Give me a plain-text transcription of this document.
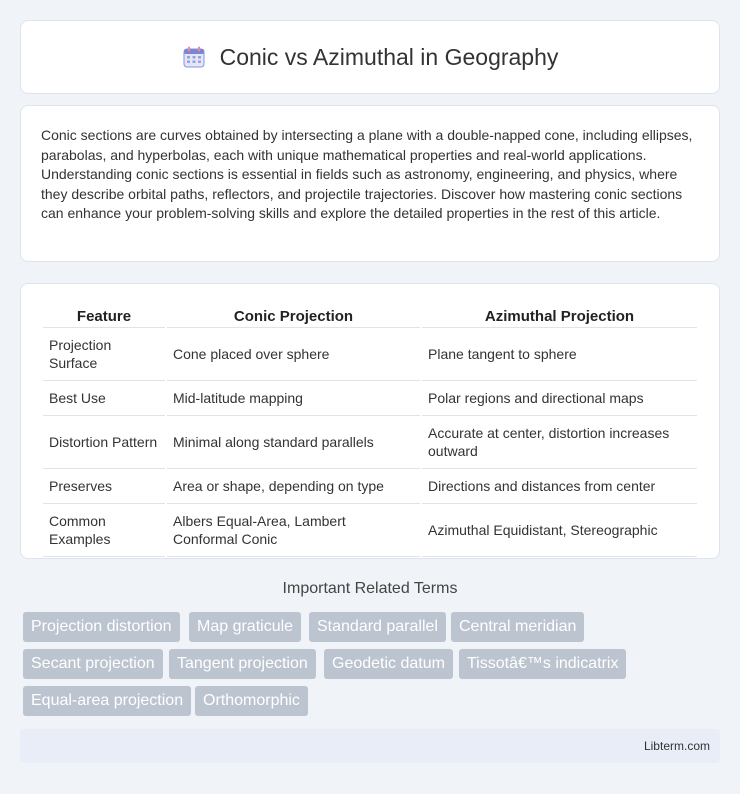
Conic vs Azimuthal in Geography

Conic sections are curves obtained by intersecting a plane with a double-napped cone, including ellipses, parabolas, and hyperbolas, each with unique mathematical properties and real-world applications. Understanding conic sections is essential in fields such as astronomy, engineering, and physics, where they describe orbital paths, reflectors, and projectile trajectories. Discover how mastering conic sections can enhance your problem-solving skills and explore the detailed properties in the rest of this article.

Feature	Conic Projection	Azimuthal Projection
Projection Surface	Cone placed over sphere	Plane tangent to sphere
Best Use	Mid-latitude mapping	Polar regions and directional maps
Distortion Pattern	Minimal along standard parallels	Accurate at center, distortion increases outward
Preserves	Area or shape, depending on type	Directions and distances from center
Common Examples	Albers Equal-Area, Lambert Conformal Conic	Azimuthal Equidistant, Stereographic
Important Related Terms
Projection distortion	Map graticule	Standard parallel	Central meridian
Secant projection	Tangent projection	Geodetic datum	Tissotâ€™s indicatrix
Equal-area projection	Orthomorphic
Libterm.com
